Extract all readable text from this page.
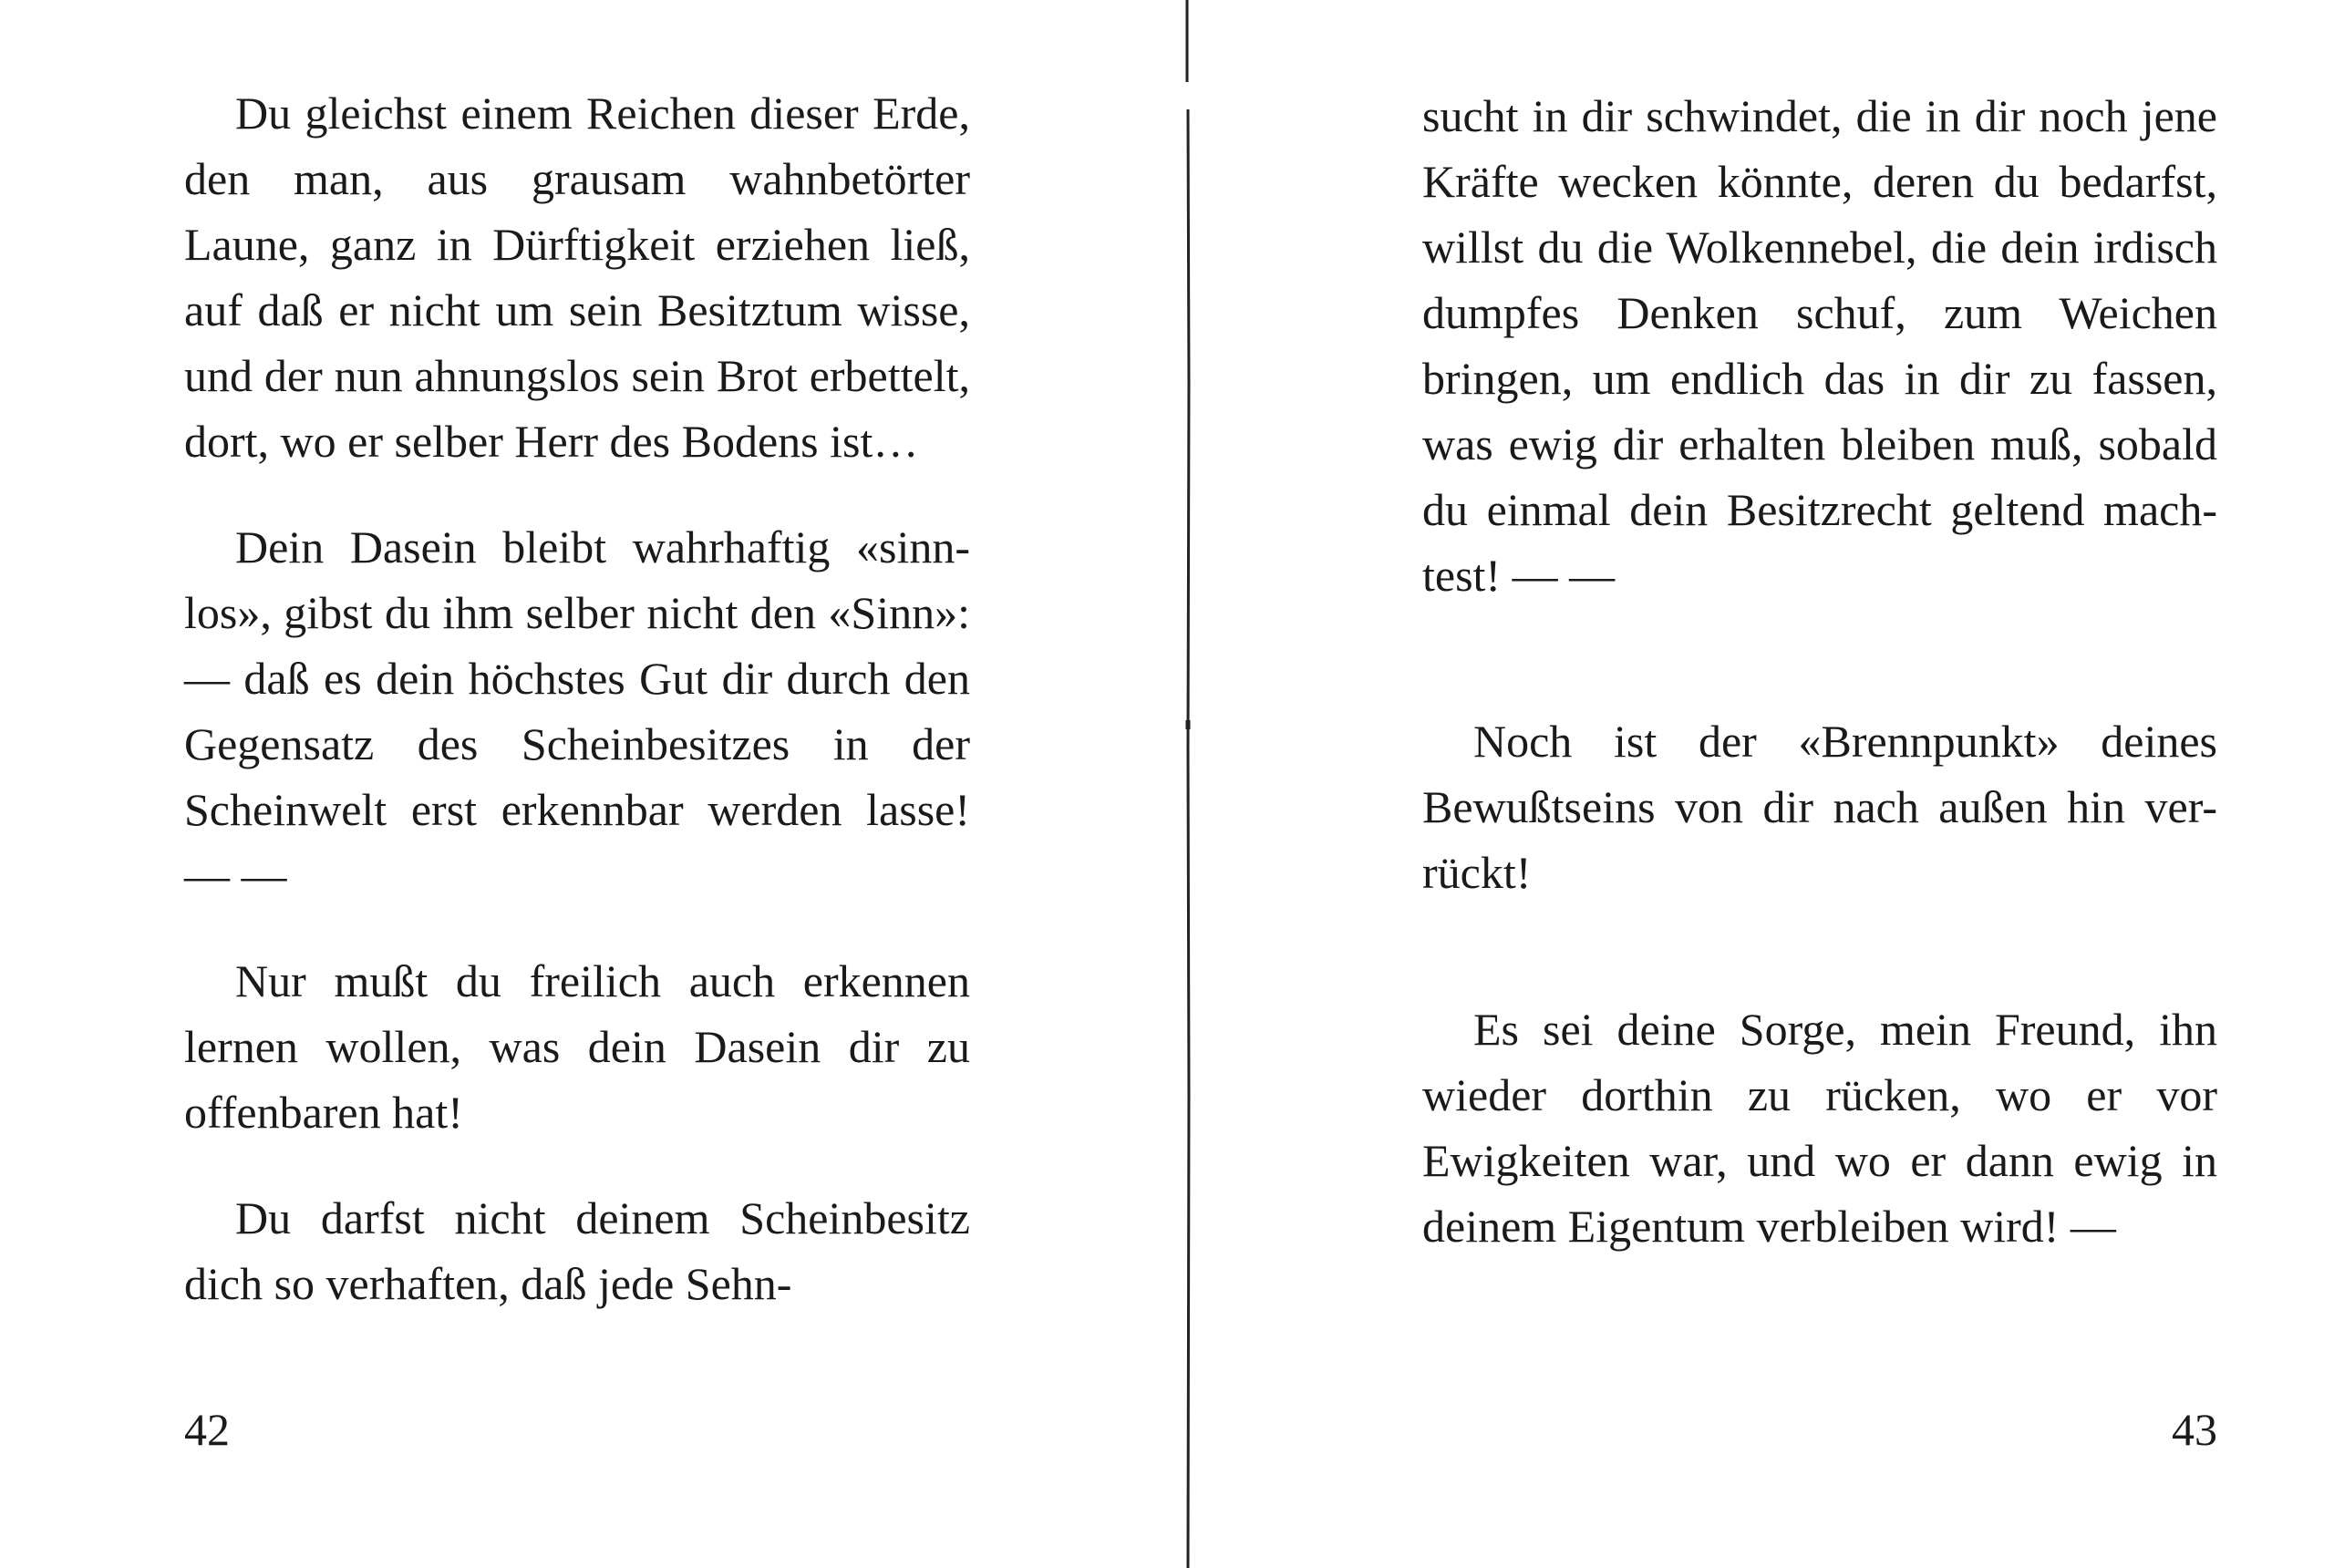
Du gleichst einem Reichen dieser Erde, den man, aus grausam wahnbetörter Laune, ganz in Dürftigkeit erziehen ließ, auf daß er nicht um sein Besitztum wisse, und der nun ahnungslos sein Brot erbettelt, dort, wo er selber Herr des Bodens ist…

Dein Dasein bleibt wahrhaftig «sinnlos», gibst du ihm selber nicht den «Sinn»: — daß es dein höchstes Gut dir durch den Gegensatz des Scheinbesitzes in der Scheinwelt erst erkennbar werden lasse! — —

Nur mußt du freilich auch erkennen lernen wollen, was dein Dasein dir zu offenbaren hat!

Du darfst nicht deinem Scheinbesitz dich so verhaften, daß jede Sehn-

42

sucht in dir schwindet, die in dir noch jene Kräfte wecken könnte, deren du bedarfst, willst du die Wolkennebel, die dein irdisch dumpfes Denken schuf, zum Weichen bringen, um endlich das in dir zu fassen, was ewig dir erhalten bleiben muß, sobald du einmal dein Besitzrecht geltend machtest! — —

Noch ist der «Brennpunkt» deines Bewußtseins von dir nach außen hin ver-rückt!

Es sei deine Sorge, mein Freund, ihn wieder dorthin zu rücken, wo er vor Ewigkeiten war, und wo er dann ewig in deinem Eigentum verbleiben wird! —

43
